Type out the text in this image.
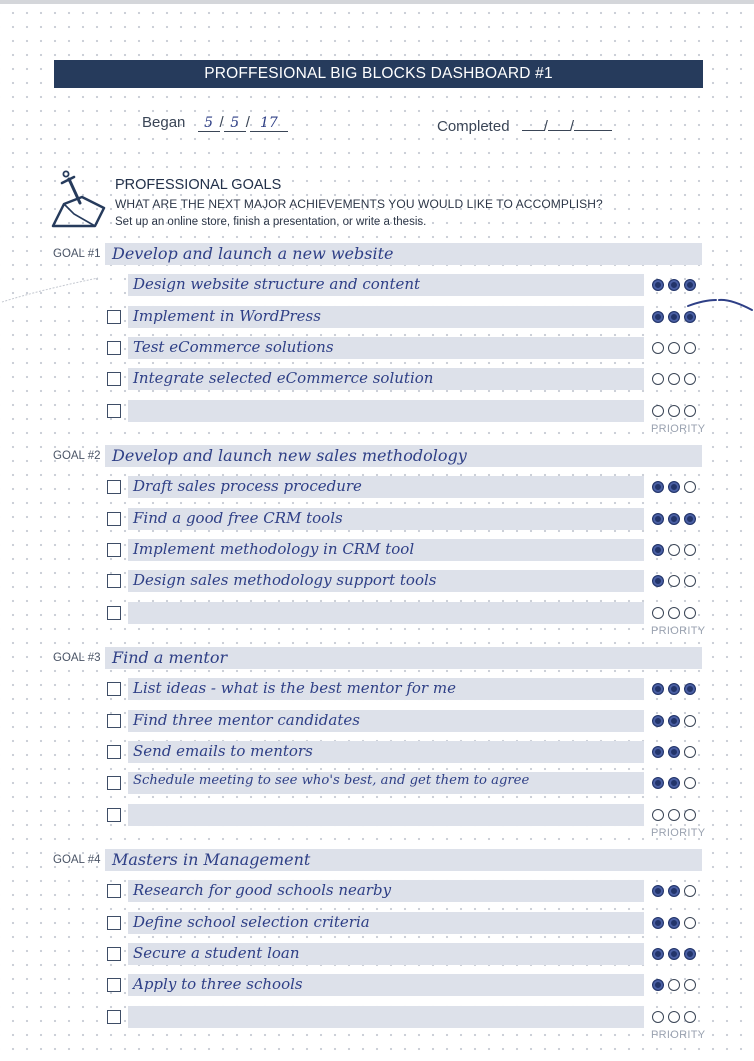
PROFFESIONAL BIG BLOCKS DASHBOARD #1
Began 5 / 5 / 17	Completed / /
PROFESSIONAL GOALS
WHAT ARE THE NEXT MAJOR ACHIEVEMENTS YOU WOULD LIKE TO ACCOMPLISH?
Set up an online store, finish a presentation, or write a thesis.
GOAL #1 Develop and launch a new website
Design website structure and content
Implement in WordPress
Test eCommerce solutions
Integrate selected eCommerce solution
PRIORITY
GOAL #2 Develop and launch new sales methodology
Draft sales process procedure
Find a good free CRM tools
Implement methodology in CRM tool
Design sales methodology support tools
PRIORITY
GOAL #3 Find a mentor
List ideas - what is the best mentor for me
Find three mentor candidates
Send emails to mentors
Schedule meeting to see who's best, and get them to agree
PRIORITY
GOAL #4 Masters in Management
Research for good schools nearby
Define school selection criteria
Secure a student loan
Apply to three schools
PRIORITY
